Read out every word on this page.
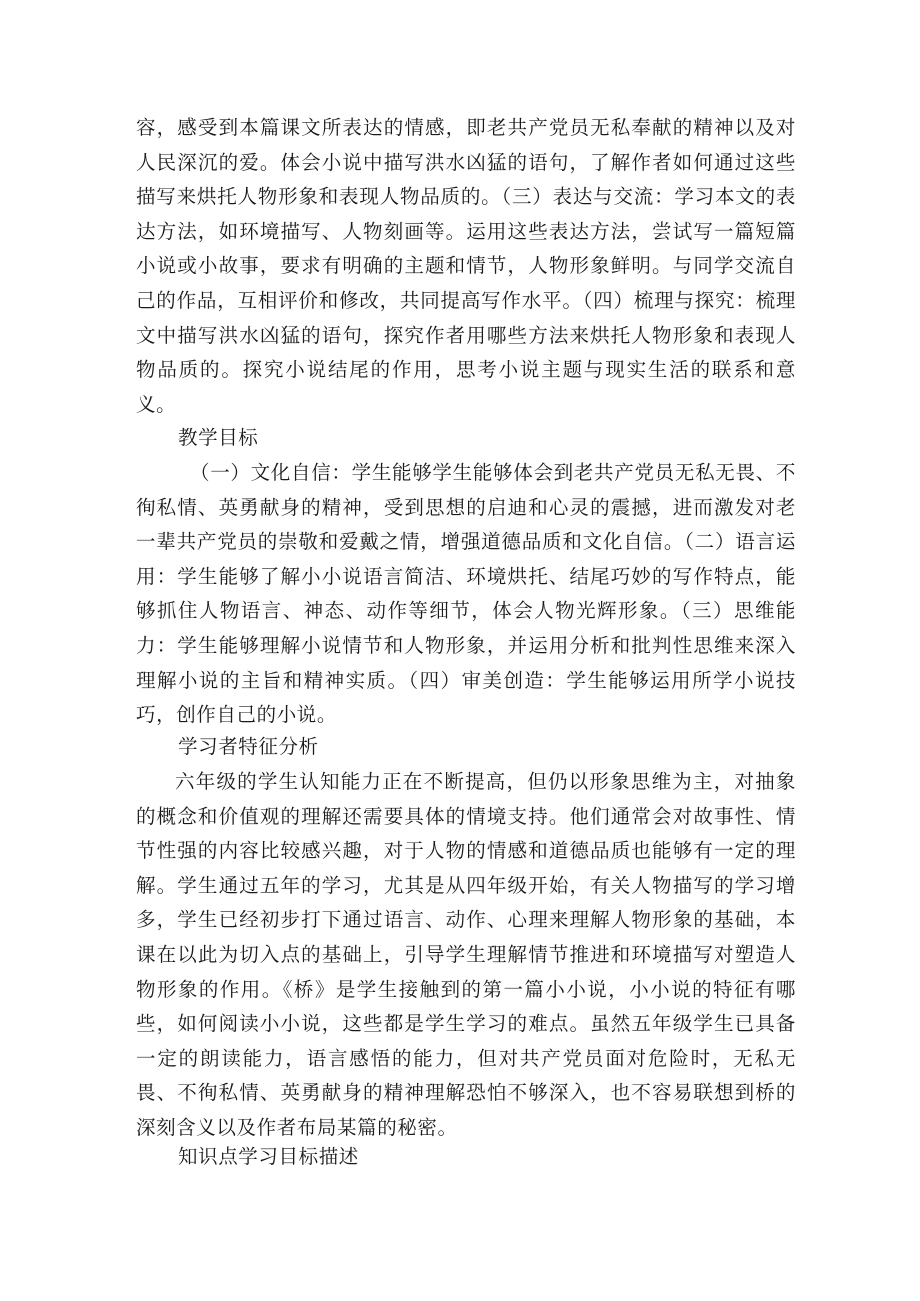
容，感受到本篇课文所表达的情感，即老共产党员无私奉献的精神以及对人民深沉的爱。体会小说中描写洪水凶猛的语句，了解作者如何通过这些描写来烘托人物形象和表现人物品质的。（三）表达与交流：学习本文的表达方法，如环境描写、人物刻画等。运用这些表达方法，尝试写一篇短篇小说或小故事，要求有明确的主题和情节，人物形象鲜明。与同学交流自己的作品，互相评价和修改，共同提高写作水平。（四）梳理与探究：梳理文中描写洪水凶猛的语句，探究作者用哪些方法来烘托人物形象和表现人物品质的。探究小说结尾的作用，思考小说主题与现实生活的联系和意义。

教学目标

（一）文化自信：学生能够学生能够体会到老共产党员无私无畏、不徇私情、英勇献身的精神，受到思想的启迪和心灵的震撼，进而激发对老一辈共产党员的崇敬和爱戴之情，增强道德品质和文化自信。（二）语言运用：学生能够了解小小说语言简洁、环境烘托、结尾巧妙的写作特点，能够抓住人物语言、神态、动作等细节，体会人物光辉形象。（三）思维能力：学生能够理解小说情节和人物形象，并运用分析和批判性思维来深入理解小说的主旨和精神实质。（四）审美创造：学生能够运用所学小说技巧，创作自己的小说。

学习者特征分析

六年级的学生认知能力正在不断提高，但仍以形象思维为主，对抽象的概念和价值观的理解还需要具体的情境支持。他们通常会对故事性、情节性强的内容比较感兴趣，对于人物的情感和道德品质也能够有一定的理解。学生通过五年的学习，尤其是从四年级开始，有关人物描写的学习增多，学生已经初步打下通过语言、动作、心理来理解人物形象的基础，本课在以此为切入点的基础上，引导学生理解情节推进和环境描写对塑造人物形象的作用。《桥》是学生接触到的第一篇小小说，小小说的特征有哪些，如何阅读小小说，这些都是学生学习的难点。虽然五年级学生已具备一定的朗读能力，语言感悟的能力，但对共产党员面对危险时，无私无畏、不徇私情、英勇献身的精神理解恐怕不够深入，也不容易联想到桥的深刻含义以及作者布局某篇的秘密。

知识点学习目标描述
